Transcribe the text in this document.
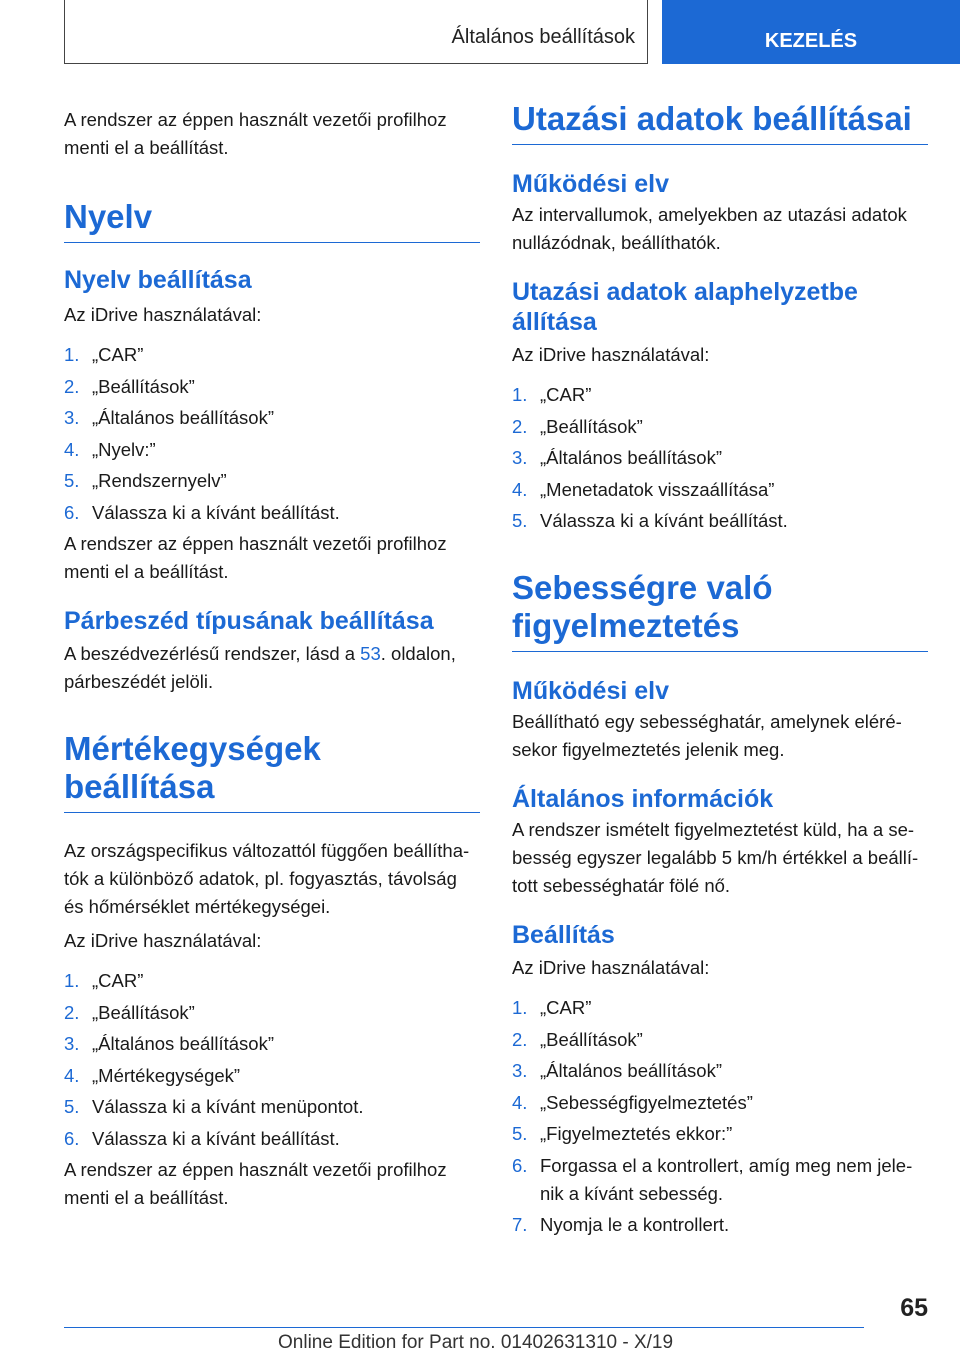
Általános beállítások	KEZELÉS

A rendszer az éppen használt vezetői profilhoz menti el a beállítást.

Nyelv
Nyelv beállítása

Az iDrive használatával:

1. „CAR”
2. „Beállítások”
3. „Általános beállítások”
4. „Nyelv:”
5. „Rendszernyelv”
6. Válassza ki a kívánt beállítást.

A rendszer az éppen használt vezetői profilhoz menti el a beállítást.

Párbeszéd típusának beállítása

A beszédvezérlésű rendszer, lásd a 53. oldalon, párbeszédét jelöli.

Mértékegységek beállítása

Az országspecifikus változattól függően beállíthatók a különböző adatok, pl. fogyasztás, távolság és hőmérséklet mértékegységei.

Az iDrive használatával:

1. „CAR”
2. „Beállítások”
3. „Általános beállítások”
4. „Mértékegységek”
5. Válassza ki a kívánt menüpontot.
6. Válassza ki a kívánt beállítást.

A rendszer az éppen használt vezetői profilhoz menti el a beállítást.

Utazási adatok beállításai
Működési elv

Az intervallumok, amelyekben az utazási adatok nullázódnak, beállíthatók.

Utazási adatok alaphelyzetbe állítása

Az iDrive használatával:

1. „CAR”
2. „Beállítások”
3. „Általános beállítások”
4. „Menetadatok visszaállítása”
5. Válassza ki a kívánt beállítást.
Sebességre való figyelmeztetés
Működési elv

Beállítható egy sebességhatár, amelynek elérésekor figyelmeztetés jelenik meg.

Általános információk

A rendszer ismételt figyelmeztetést küld, ha a sebesség egyszer legalább 5 km/h értékkel a beállított sebességhatár fölé nő.

Beállítás

Az iDrive használatával:

1. „CAR”
2. „Beállítások”
3. „Általános beállítások”
4. „Sebességfigyelmeztetés”
5. „Figyelmeztetés ekkor:”
6. Forgassa el a kontrollert, amíg meg nem jelenik a kívánt sebesség.
7. Nyomja le a kontrollert.
65
Online Edition for Part no. 01402631310 - X/19
